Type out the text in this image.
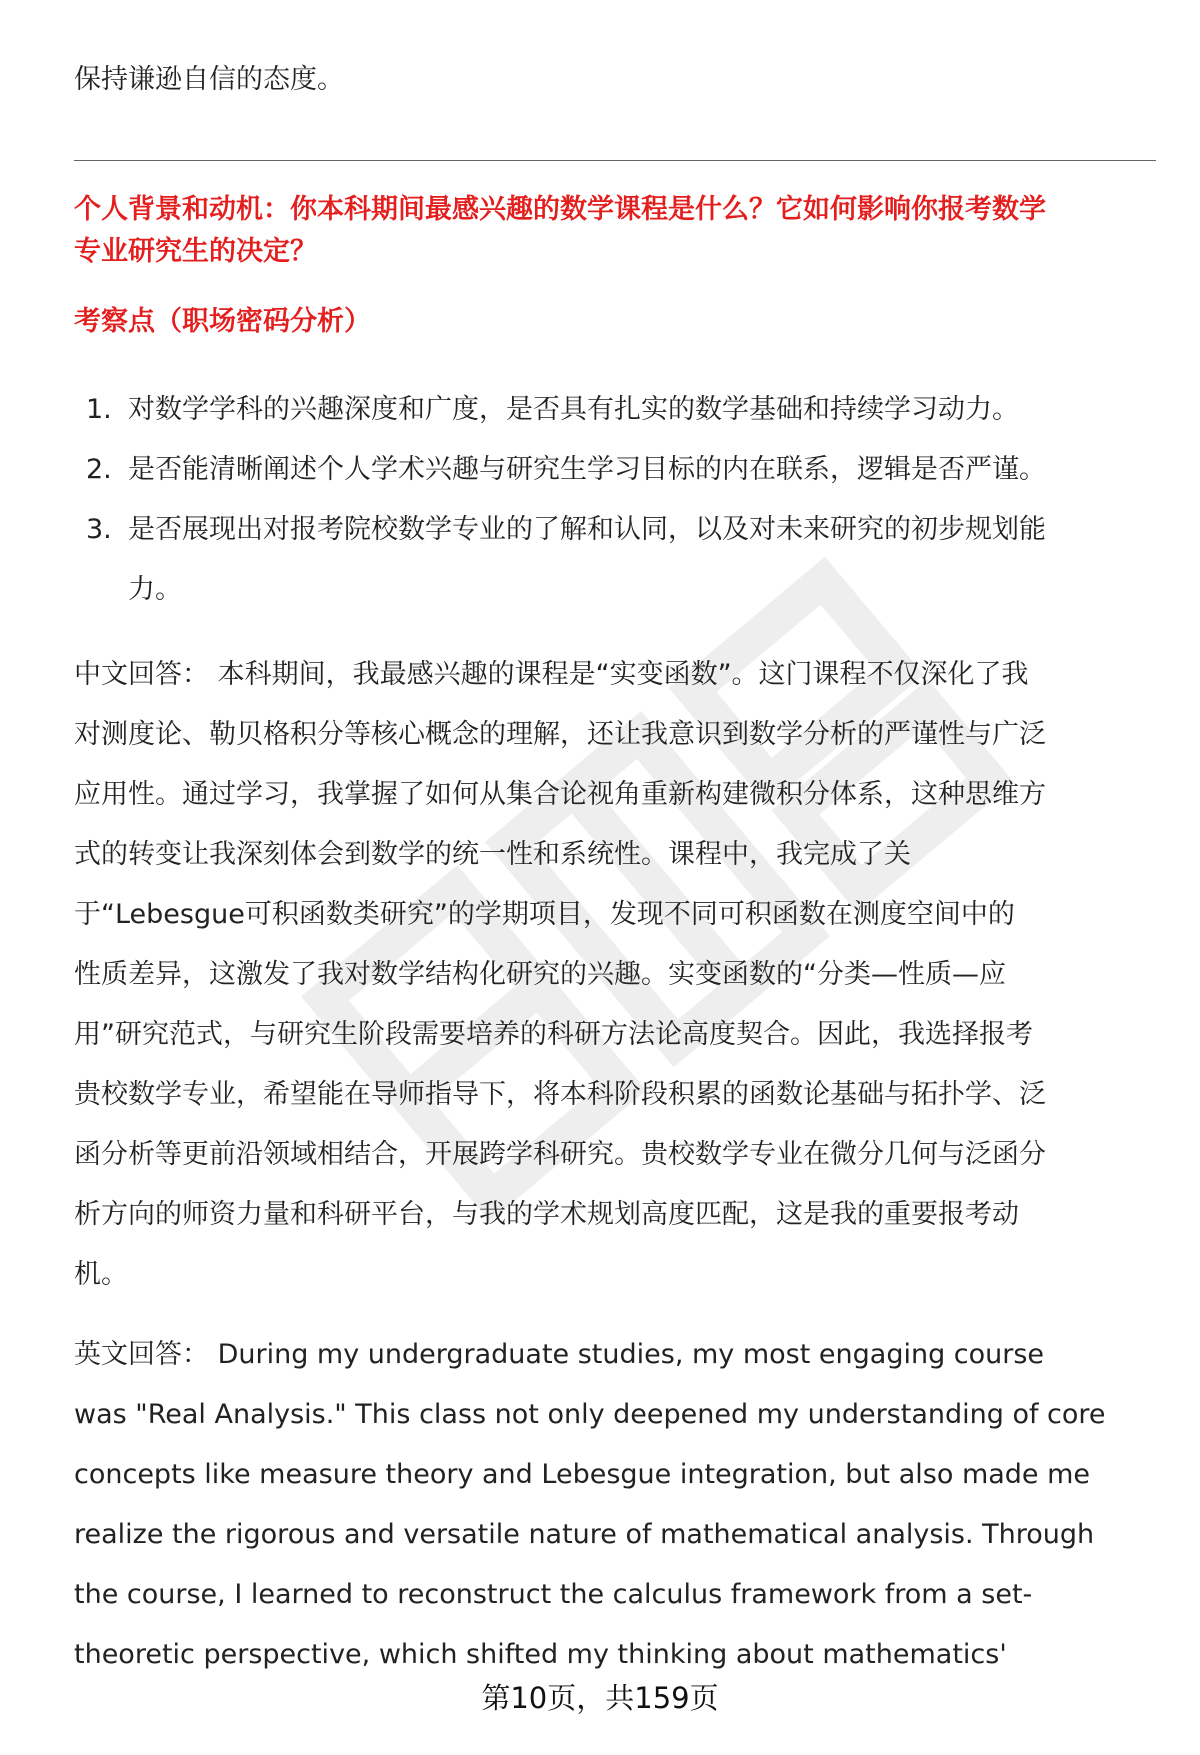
保持谦逊自信的态度。
个人背景和动机：你本科期间最感兴趣的数学课程是什么？它如何影响你报考数学
专业研究生的决定？
考察点（职场密码分析）
1. 对数学学科的兴趣深度和广度，是否具有扎实的数学基础和持续学习动力。
2. 是否能清晰阐述个人学术兴趣与研究生学习目标的内在联系，逻辑是否严谨。
3. 是否展现出对报考院校数学专业的了解和认同，以及对未来研究的初步规划能
力。
中文回答： 本科期间，我最感兴趣的课程是“实变函数”。这门课程不仅深化了我
对测度论、勒贝格积分等核心概念的理解，还让我意识到数学分析的严谨性与广泛
应用性。通过学习，我掌握了如何从集合论视角重新构建微积分体系，这种思维方
式的转变让我深刻体会到数学的统一性和系统性。课程中，我完成了关
于“Lebesgue可积函数类研究”的学期项目，发现不同可积函数在测度空间中的
性质差异，这激发了我对数学结构化研究的兴趣。实变函数的“分类—性质—应
用”研究范式，与研究生阶段需要培养的科研方法论高度契合。因此，我选择报考
贵校数学专业，希望能在导师指导下，将本科阶段积累的函数论基础与拓扑学、泛
函分析等更前沿领域相结合，开展跨学科研究。贵校数学专业在微分几何与泛函分
析方向的师资力量和科研平台，与我的学术规划高度匹配，这是我的重要报考动
机。
英文回答： During my undergraduate studies, my most engaging course
was "Real Analysis." This class not only deepened my understanding of core
concepts like measure theory and Lebesgue integration, but also made me
realize the rigorous and versatile nature of mathematical analysis. Through
the course, I learned to reconstruct the calculus framework from a set-
theoretic perspective, which shifted my thinking about mathematics'
第10页，共159页
